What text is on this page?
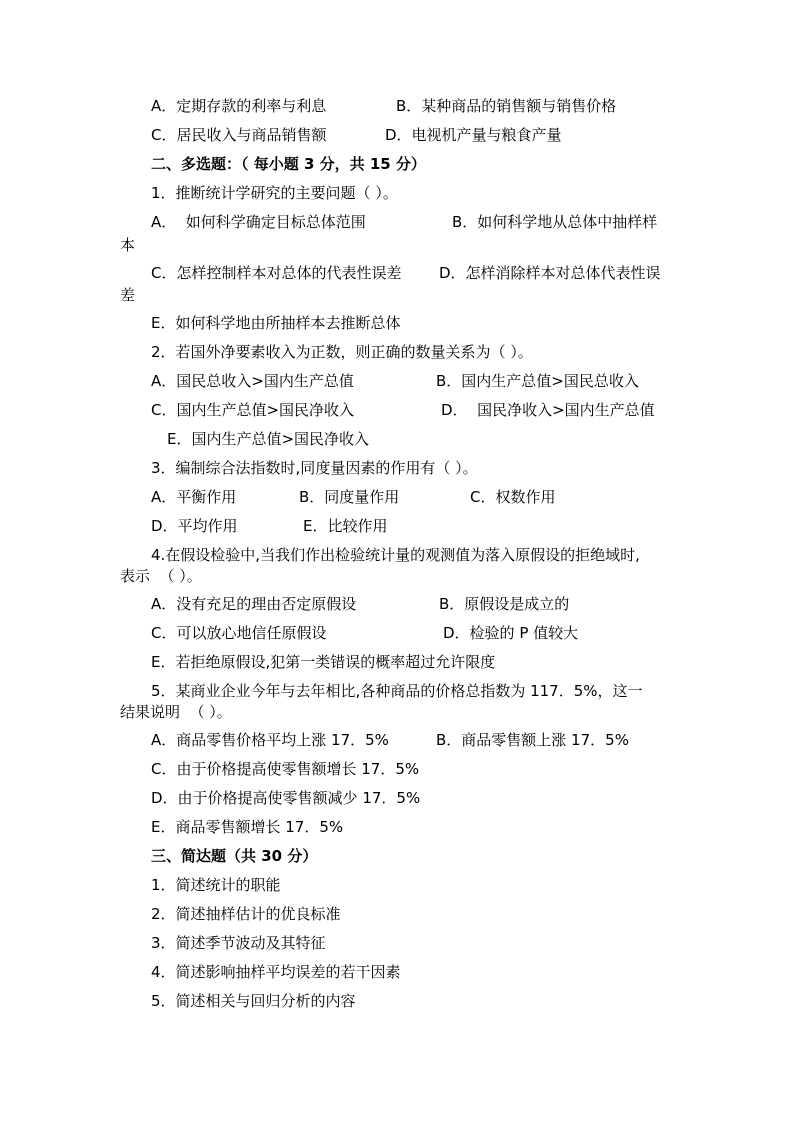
A．定期存款的利率与利息	B．某种商品的销售额与销售价格
C．居民收入与商品销售额	D．电视机产量与粮食产量
二、多选题：（ 每小题 3 分，共 15 分）
1．推断统计学研究的主要问题（ ）。
A．  如何科学确定目标总体范围	B．如何科学地从总体中抽样样
本
C．怎样控制样本对总体的代表性误差	D．怎样消除样本对总体代表性误
差
E．如何科学地由所抽样本去推断总体
2．若国外净要素收入为正数，则正确的数量关系为（ ）。
A．国民总收入>国内生产总值	B．国内生产总值>国民总收入
C．国内生产总值>国民净收入	D．  国民净收入>国内生产总值
E．国内生产总值>国民净收入
3．编制综合法指数时,同度量因素的作用有（ ）。
A．平衡作用	B．同度量作用	C．权数作用
D．平均作用	E．比较作用
4.在假设检验中,当我们作出检验统计量的观测值为落入原假设的拒绝域时,
表示  （ ）。
A．没有充足的理由否定原假设	B．原假设是成立的
C．可以放心地信任原假设	D．检验的 P 值较大
E．若拒绝原假设,犯第一类错误的概率超过允许限度
5．某商业企业今年与去年相比,各种商品的价格总指数为 117．5%，这一
结果说明  （ ）。
A．商品零售价格平均上涨 17．5%	B．商品零售额上涨 17．5%
C．由于价格提高使零售额增长 17．5%
D．由于价格提高使零售额减少 17．5%
E．商品零售额增长 17．5%
三、简达题（共 30 分）
1．简述统计的职能
2．简述抽样估计的优良标准
3．简述季节波动及其特征
4．简述影响抽样平均误差的若干因素
5．简述相关与回归分析的内容
